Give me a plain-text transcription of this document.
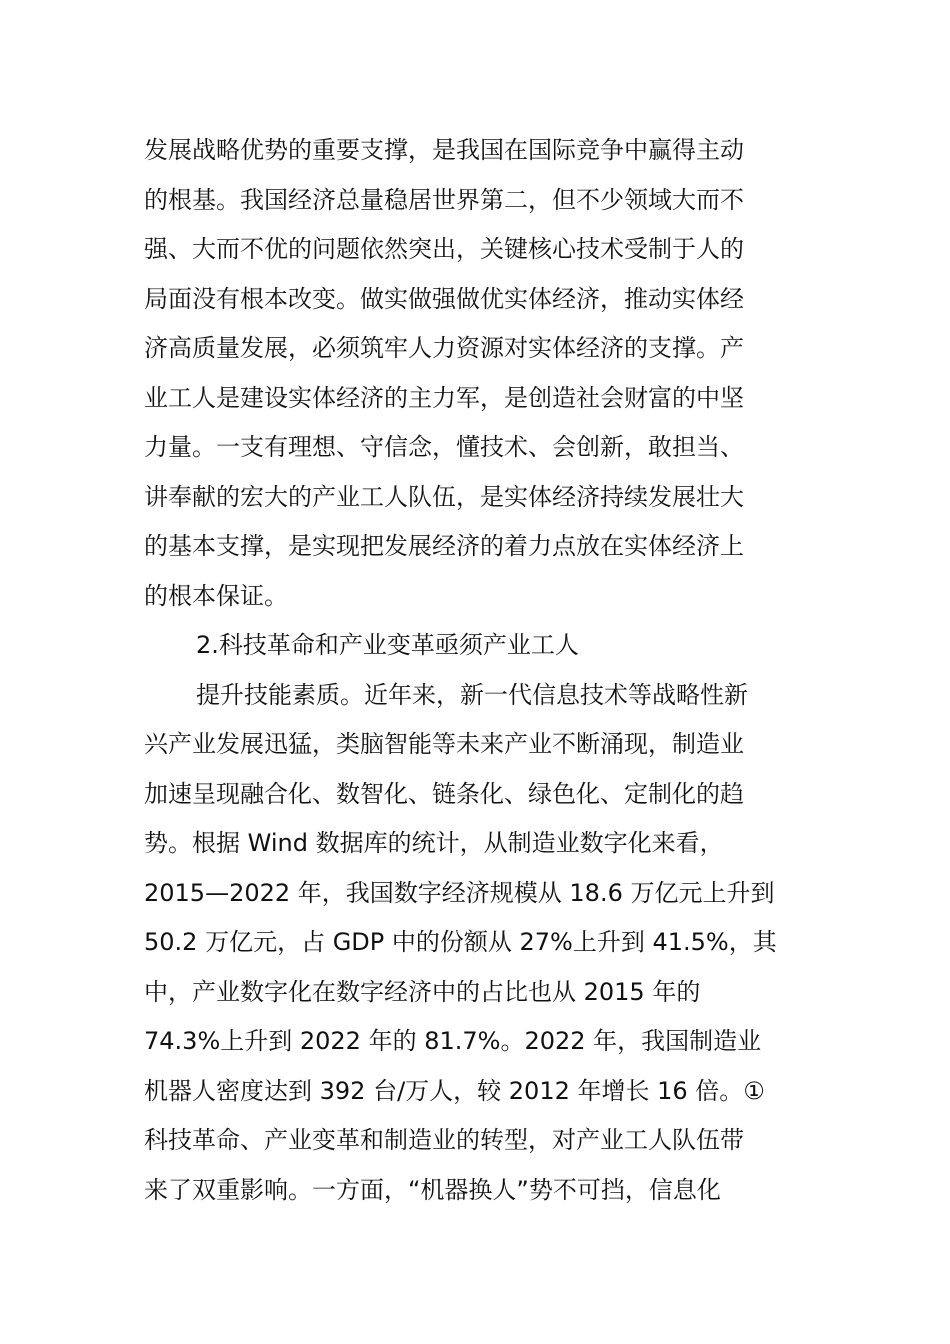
发展战略优势的重要支撑，是我国在国际竞争中赢得主动
的根基。我国经济总量稳居世界第二，但不少领域大而不
强、大而不优的问题依然突出，关键核心技术受制于人的
局面没有根本改变。做实做强做优实体经济，推动实体经
济高质量发展，必须筑牢人力资源对实体经济的支撑。产
业工人是建设实体经济的主力军，是创造社会财富的中坚
力量。一支有理想、守信念，懂技术、会创新，敢担当、
讲奉献的宏大的产业工人队伍，是实体经济持续发展壮大
的基本支撑，是实现把发展经济的着力点放在实体经济上
的根本保证。
2.科技革命和产业变革亟须产业工人
提升技能素质。近年来，新一代信息技术等战略性新
兴产业发展迅猛，类脑智能等未来产业不断涌现，制造业
加速呈现融合化、数智化、链条化、绿色化、定制化的趋
势。根据 Wind 数据库的统计，从制造业数字化来看，
2015—2022 年，我国数字经济规模从 18.6 万亿元上升到
50.2 万亿元，占 GDP 中的份额从 27%上升到 41.5%，其
中，产业数字化在数字经济中的占比也从 2015 年的
74.3%上升到 2022 年的 81.7%。2022 年，我国制造业
机器人密度达到 392 台/万人，较 2012 年增长 16 倍。①
科技革命、产业变革和制造业的转型，对产业工人队伍带
来了双重影响。一方面，“机器换人”势不可挡，信息化
